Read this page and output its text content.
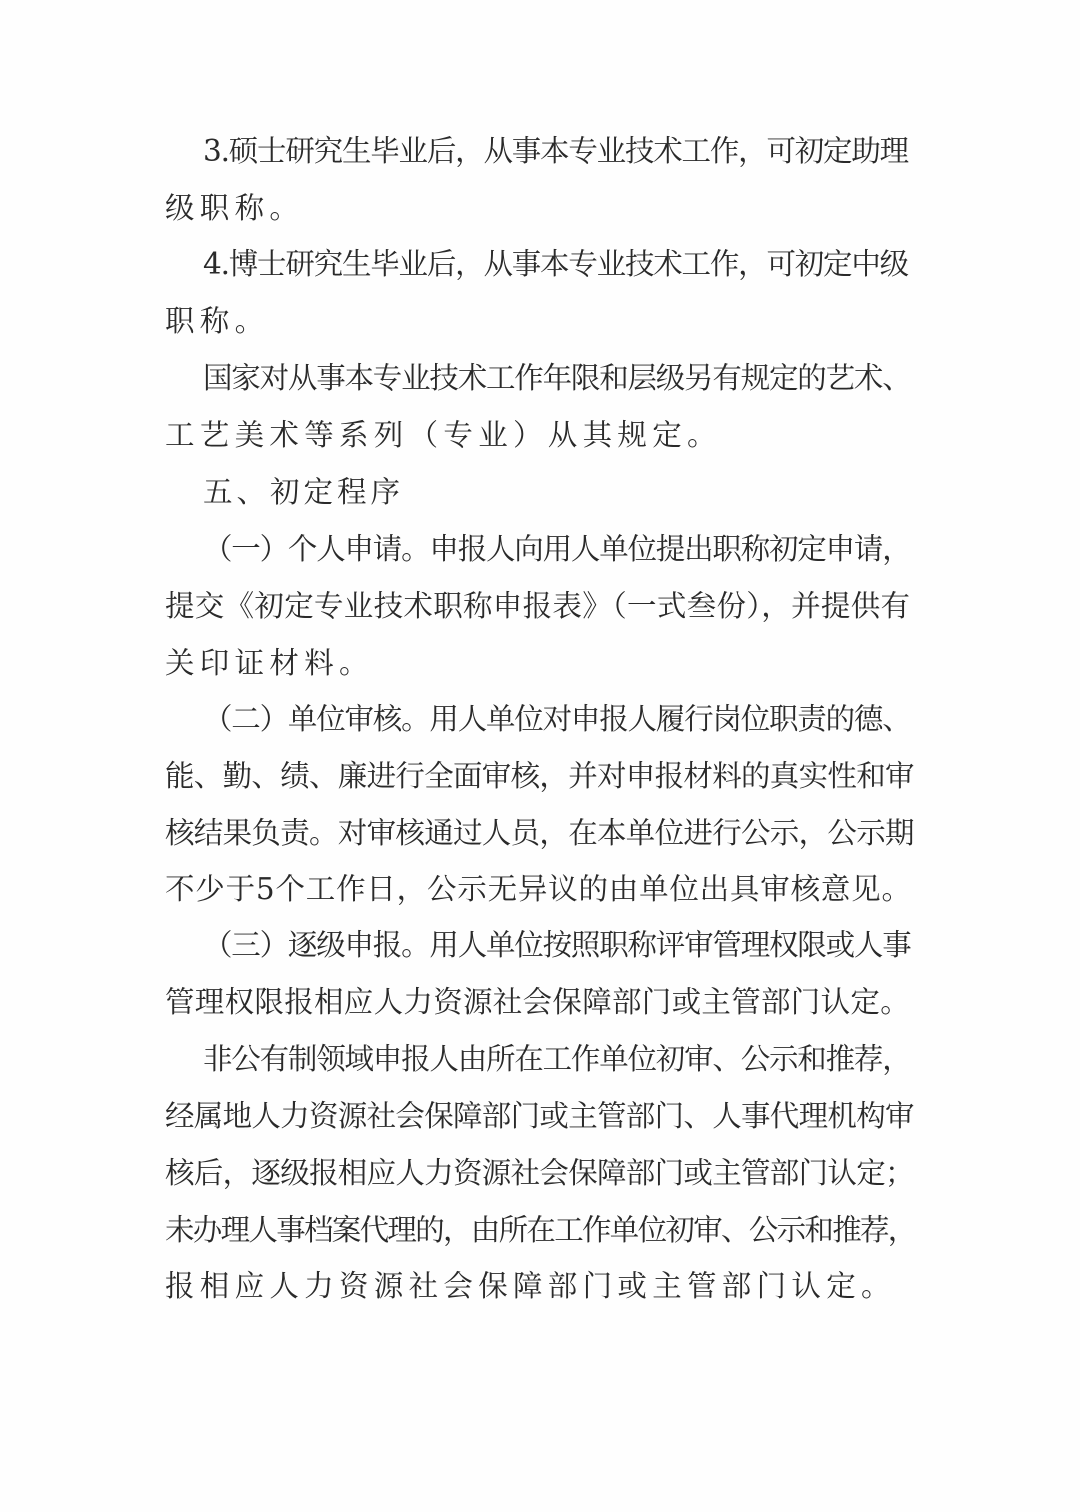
3.硕士研究生毕业后，从事本专业技术工作，可初定助理

级职称。

4.博士研究生毕业后，从事本专业技术工作，可初定中级

职称。

国家对从事本专业技术工作年限和层级另有规定的艺术、

工艺美术等系列（专业）从其规定。

五、初定程序

（一）个人申请。申报人向用人单位提出职称初定申请，

提交《初定专业技术职称申报表》（一式叁份），并提供有

关印证材料。

（二）单位审核。用人单位对申报人履行岗位职责的德、

能、勤、绩、廉进行全面审核，并对申报材料的真实性和审

核结果负责。对审核通过人员，在本单位进行公示，公示期

不少于5个工作日，公示无异议的由单位出具审核意见。

（三）逐级申报。用人单位按照职称评审管理权限或人事

管理权限报相应人力资源社会保障部门或主管部门认定。

非公有制领域申报人由所在工作单位初审、公示和推荐，

经属地人力资源社会保障部门或主管部门、人事代理机构审

核后，逐级报相应人力资源社会保障部门或主管部门认定；

未办理人事档案代理的，由所在工作单位初审、公示和推荐，

报相应人力资源社会保障部门或主管部门认定。
